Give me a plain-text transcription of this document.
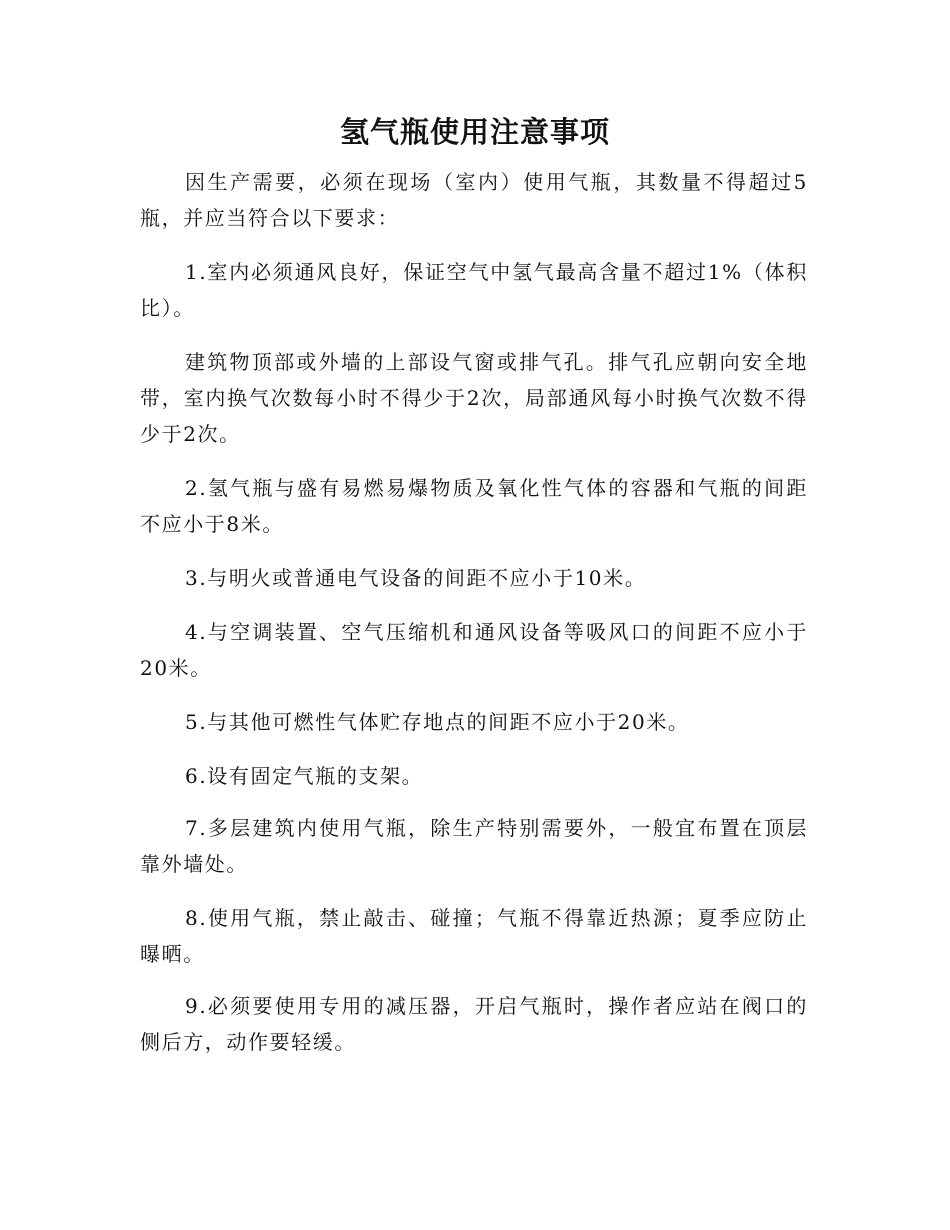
氢气瓶使用注意事项

因生产需要，必须在现场（室内）使用气瓶，其数量不得超过5瓶，并应当符合以下要求：

1.室内必须通风良好，保证空气中氢气最高含量不超过1%（体积比）。

建筑物顶部或外墙的上部设气窗或排气孔。排气孔应朝向安全地带，室内换气次数每小时不得少于2次，局部通风每小时换气次数不得少于2次。

2.氢气瓶与盛有易燃易爆物质及氧化性气体的容器和气瓶的间距不应小于8米。

3.与明火或普通电气设备的间距不应小于10米。

4.与空调装置、空气压缩机和通风设备等吸风口的间距不应小于20米。

5.与其他可燃性气体贮存地点的间距不应小于20米。

6.设有固定气瓶的支架。

7.多层建筑内使用气瓶，除生产特别需要外，一般宜布置在顶层靠外墙处。

8.使用气瓶，禁止敲击、碰撞；气瓶不得靠近热源；夏季应防止曝晒。

9.必须要使用专用的减压器，开启气瓶时，操作者应站在阀口的侧后方，动作要轻缓。
